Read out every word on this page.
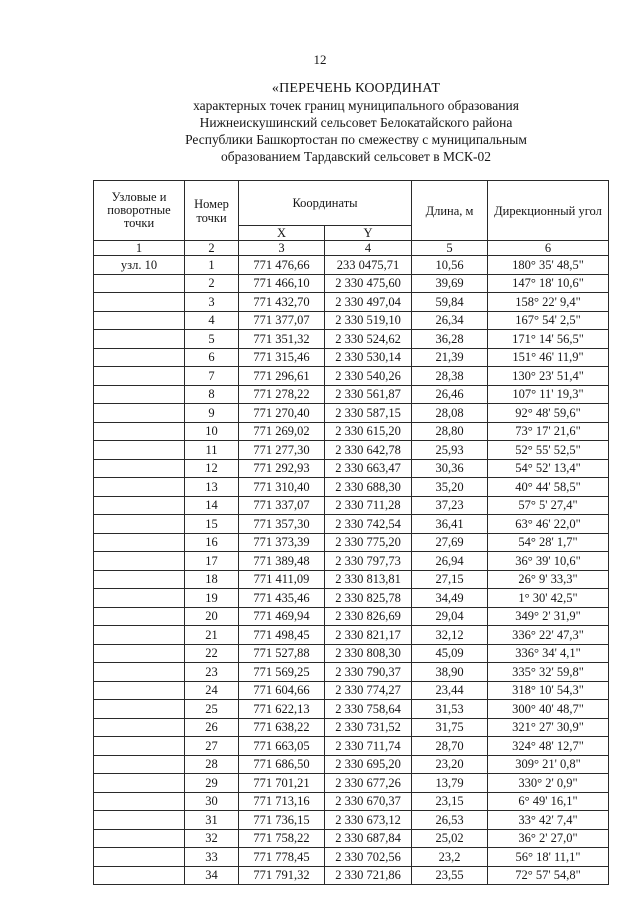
12
«ПЕРЕЧЕНЬ КООРДИНАТ
характерных точек границ муниципального образования
Нижнеискушинский сельсовет Белокатайского района
Республики Башкортостан по смежеству с муниципальным
образованием Тардавский сельсовет в МСК-02
Узловые и поворотные точки	Номер точки	Координаты		Длина, м	Дирекционный угол
		X	Y		
1	2	3	4	5	6
узл. 10	1	771 476,66	233 0475,71	10,56	180° 35' 48,5"
	2	771 466,10	2 330 475,60	39,69	147° 18' 10,6"
	3	771 432,70	2 330 497,04	59,84	158° 22' 9,4"
	4	771 377,07	2 330 519,10	26,34	167° 54' 2,5"
	5	771 351,32	2 330 524,62	36,28	171° 14' 56,5"
	6	771 315,46	2 330 530,14	21,39	151° 46' 11,9"
	7	771 296,61	2 330 540,26	28,38	130° 23' 51,4"
	8	771 278,22	2 330 561,87	26,46	107° 11' 19,3"
	9	771 270,40	2 330 587,15	28,08	92° 48' 59,6"
	10	771 269,02	2 330 615,20	28,80	73° 17' 21,6"
	11	771 277,30	2 330 642,78	25,93	52° 55' 52,5"
	12	771 292,93	2 330 663,47	30,36	54° 52' 13,4"
	13	771 310,40	2 330 688,30	35,20	40° 44' 58,5"
	14	771 337,07	2 330 711,28	37,23	57° 5' 27,4"
	15	771 357,30	2 330 742,54	36,41	63° 46' 22,0"
	16	771 373,39	2 330 775,20	27,69	54° 28' 1,7"
	17	771 389,48	2 330 797,73	26,94	36° 39' 10,6"
	18	771 411,09	2 330 813,81	27,15	26° 9' 33,3"
	19	771 435,46	2 330 825,78	34,49	1° 30' 42,5"
	20	771 469,94	2 330 826,69	29,04	349° 2' 31,9"
	21	771 498,45	2 330 821,17	32,12	336° 22' 47,3"
	22	771 527,88	2 330 808,30	45,09	336° 34' 4,1"
	23	771 569,25	2 330 790,37	38,90	335° 32' 59,8"
	24	771 604,66	2 330 774,27	23,44	318° 10' 54,3"
	25	771 622,13	2 330 758,64	31,53	300° 40' 48,7"
	26	771 638,22	2 330 731,52	31,75	321° 27' 30,9"
	27	771 663,05	2 330 711,74	28,70	324° 48' 12,7"
	28	771 686,50	2 330 695,20	23,20	309° 21' 0,8"
	29	771 701,21	2 330 677,26	13,79	330° 2' 0,9"
	30	771 713,16	2 330 670,37	23,15	6° 49' 16,1"
	31	771 736,15	2 330 673,12	26,53	33° 42' 7,4"
	32	771 758,22	2 330 687,84	25,02	36° 2' 27,0"
	33	771 778,45	2 330 702,56	23,2	56° 18' 11,1"
	34	771 791,32	2 330 721,86	23,55	72° 57' 54,8"
